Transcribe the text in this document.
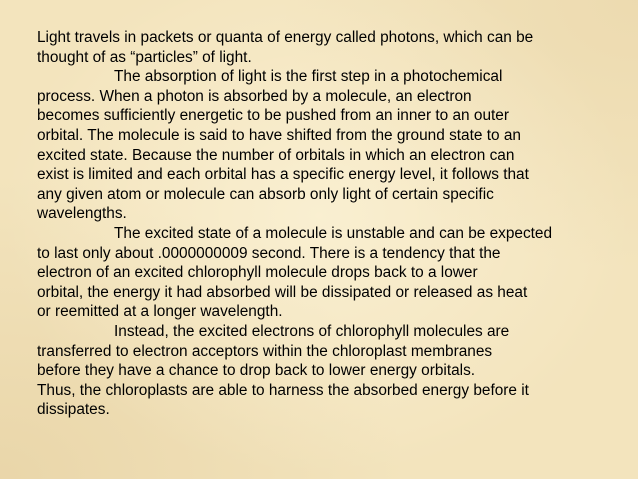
Light travels in packets or quanta of energy called photons, which can be
thought of as “particles” of light.
The absorption of light is the first step in a photochemical
process. When a photon is absorbed by a molecule, an electron
becomes sufficiently energetic to be pushed from an inner to an outer
orbital. The molecule is said to have shifted from the ground state to an
excited state. Because the number of orbitals in which an electron can
exist is limited and each orbital has a specific energy level, it follows that
any given atom or molecule can absorb only light of certain specific
wavelengths.
The excited state of a molecule is unstable and can be expected
to last only about .0000000009 second. There is a tendency that the
electron of an excited chlorophyll molecule drops back to a lower
orbital, the energy it had absorbed will be dissipated or released as heat
or reemitted at a longer wavelength.
Instead, the excited electrons of chlorophyll molecules are
transferred to electron acceptors within the chloroplast membranes
before they have a chance to drop back to lower energy orbitals.
Thus, the chloroplasts are able to harness the absorbed energy before it
dissipates.
